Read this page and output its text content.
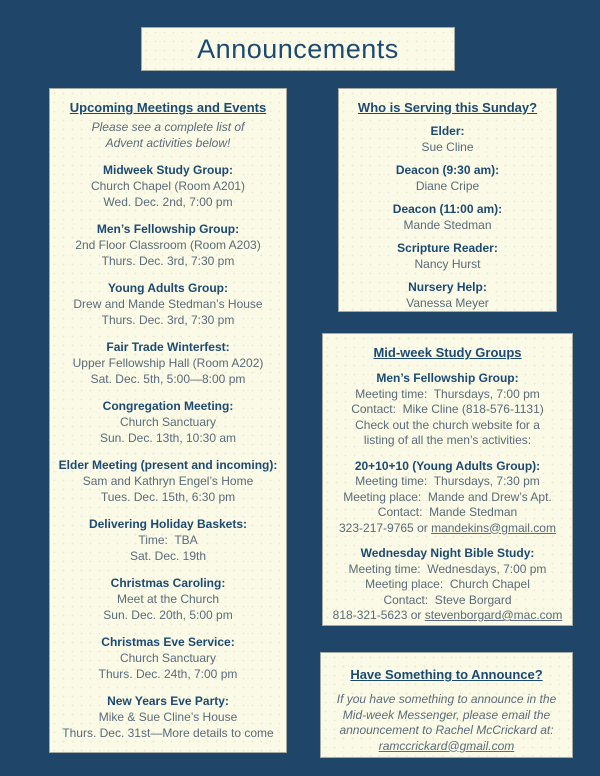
Announcements
Upcoming Meetings and Events
Please see a complete list of
Advent activities below!
Midweek Study Group:
Church Chapel (Room A201)
Wed. Dec. 2nd, 7:00 pm
Men’s Fellowship Group:
2nd Floor Classroom (Room A203)
Thurs. Dec. 3rd, 7:30 pm
Young Adults Group:
Drew and Mande Stedman’s House
Thurs. Dec. 3rd, 7:30 pm
Fair Trade Winterfest:
Upper Fellowship Hall (Room A202)
Sat. Dec. 5th, 5:00—8:00 pm
Congregation Meeting:
Church Sanctuary
Sun. Dec. 13th, 10:30 am
Elder Meeting (present and incoming):
Sam and Kathryn Engel’s Home
Tues. Dec. 15th, 6:30 pm
Delivering Holiday Baskets:
Time:  TBA
Sat. Dec. 19th
Christmas Caroling:
Meet at the Church
Sun. Dec. 20th, 5:00 pm
Christmas Eve Service:
Church Sanctuary
Thurs. Dec. 24th, 7:00 pm
New Years Eve Party:
Mike & Sue Cline’s House
Thurs. Dec. 31st—More details to come
Who is Serving this Sunday?
Elder:
Sue Cline
Deacon (9:30 am):
Diane Cripe
Deacon (11:00 am):
Mande Stedman
Scripture Reader:
Nancy Hurst
Nursery Help:
Vanessa Meyer
Mid-week Study Groups
Men’s Fellowship Group:
Meeting time:  Thursdays, 7:00 pm
Contact:  Mike Cline (818-576-1131)
Check out the church website for a
listing of all the men’s activities:
20+10+10 (Young Adults Group):
Meeting time:  Thursdays, 7:30 pm
Meeting place:  Mande and Drew’s Apt.
Contact:  Mande Stedman
323-217-9765 or mandekins@gmail.com
Wednesday Night Bible Study:
Meeting time:  Wednesdays, 7:00 pm
Meeting place:  Church Chapel
Contact:  Steve Borgard
818-321-5623 or stevenborgard@mac.com
Have Something to Announce?
If you have something to announce in the
Mid-week Messenger, please email the
announcement to Rachel McCrickard at:
ramccrickard@gmail.com
